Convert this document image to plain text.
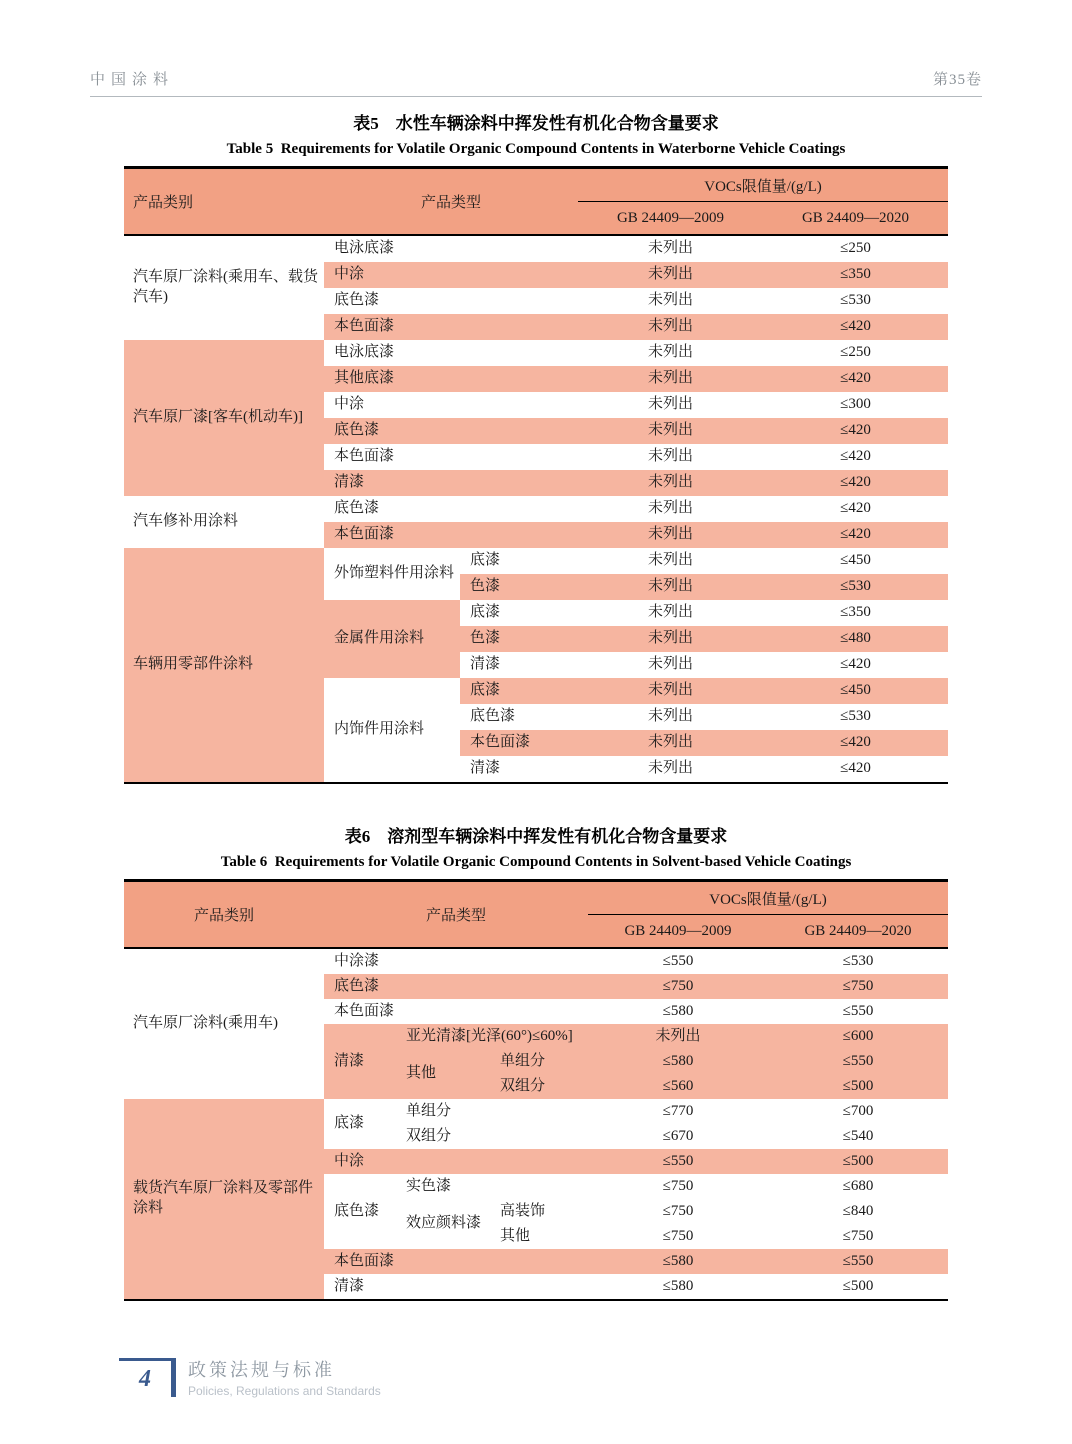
中国涂料	第35卷
表5　水性车辆涂料中挥发性有机化合物含量要求
Table 5  Requirements for Volatile Organic Compound Contents in Waterborne Vehicle Coatings
产品类别	产品类型		VOCs限值量/(g/L)	
			GB 24409—2009	GB 24409—2020
汽车原厂涂料(乘用车、载货汽车)	电泳底漆		未列出	≤250
	中涂		未列出	≤350
	底色漆		未列出	≤530
	本色面漆		未列出	≤420
汽车原厂漆[客车(机动车)]	电泳底漆		未列出	≤250
	其他底漆		未列出	≤420
	中涂		未列出	≤300
	底色漆		未列出	≤420
	本色面漆		未列出	≤420
	清漆		未列出	≤420
汽车修补用涂料	底色漆		未列出	≤420
	本色面漆		未列出	≤420
车辆用零部件涂料	外饰塑料件用涂料	底漆	未列出	≤450
		色漆	未列出	≤530
	金属件用涂料	底漆	未列出	≤350
		色漆	未列出	≤480
		清漆	未列出	≤420
	内饰件用涂料	底漆	未列出	≤450
		底色漆	未列出	≤530
		本色面漆	未列出	≤420
		清漆	未列出	≤420
表6　溶剂型车辆涂料中挥发性有机化合物含量要求
Table 6  Requirements for Volatile Organic Compound Contents in Solvent-based Vehicle Coatings
产品类别	产品类型			VOCs限值量/(g/L)	
				GB 24409—2009	GB 24409—2020
汽车原厂涂料(乘用车)	中涂漆			≤550	≤530
	底色漆			≤750	≤750
	本色面漆			≤580	≤550
	清漆	亚光清漆[光泽(60°)≤60%]		未列出	≤600
		其他	单组分	≤580	≤550
			双组分	≤560	≤500
载货汽车原厂涂料及零部件涂料	底漆	单组分		≤770	≤700
		双组分		≤670	≤540
	中涂			≤550	≤500
	底色漆	实色漆		≤750	≤680
		效应颜料漆	高装饰	≤750	≤840
			其他	≤750	≤750
	本色面漆			≤580	≤550
	清漆			≤580	≤500
4 政策法规与标准
Policies, Regulations and Standards
